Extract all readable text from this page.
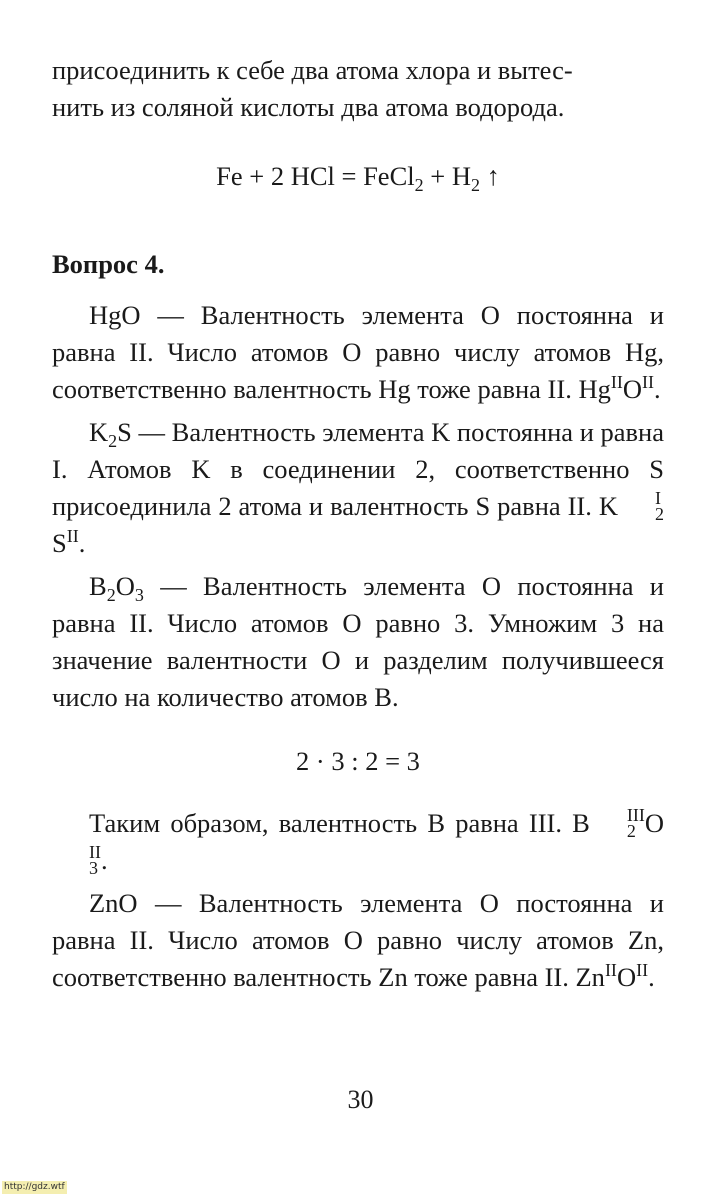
присоединить к себе два атома хлора и вытес-
нить из соляной кислоты два атома водорода.

Fe + 2 HCl = FeCl$_2$ + $H_2$ ↑

Вопрос 4.

HgO — Валентность элемента O постоянна и равна II. Число атомов O равно числу атомов Hg, соответственно валентность Hg тоже равна II. $Hg^{II}O^{II}$.

$K_2S$ — Валентность элемента K постоянна и равна I. Атомов K в соединении 2, соответственно S присоединила 2 атома и валентность S равна II. K	I
2
$S^{II}$.

$B_2O_3$ — Валентность элемента O постоянна и равна II. Число атомов O равно 3. Умножим 3 на значение валентности O и разделим получившееся число на количество атомов B.

2 · 3 : 2 = 3

Таким образом, валентность B равна III. B	III
2 O
II
3 .

ZnO — Валентность элемента O постоянна и равна II. Число атомов O равно числу атомов Zn, соответственно валентность Zn тоже равна II. $Zn^{II}O^{II}$.

30
http://gdz.wtf
